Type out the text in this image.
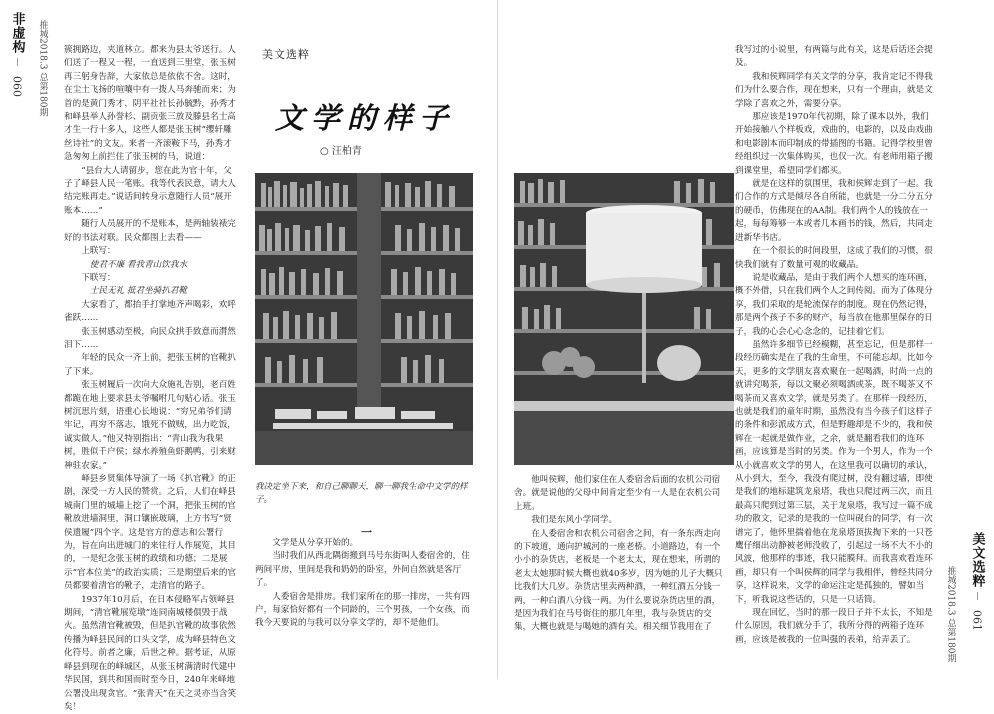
非虚构
060 推城2018.3 总第180期
推城2018.3 总第180期
美文选粹
061

簇拥路边，夹道林立。都来为县太爷送行。人们送了一程又一程，一直送到三里堂，张玉树再三躬身告辞，大家依总是依依不舍。这时，在尘土飞扬的喧嚷中有一拨人马奔驰而来；为首的是黄门秀才、阴平社社长孙毓黔，孙秀才和峄县举人孙誉杉、副贡张三放及滕县名士高才生一行十多人，这些人都是张玉树“缨轩雕丝诗社”的文友。来者一齐滚鞍下马，孙秀才急匆匆上前拦住了张玉树的马，说道：

“县台大人请留步，您在此为官十年，父子了峄县人民一笔账。我等代表民意，请大人结完账再走。”说话间转身示意随行人员“展开账本……”

随行人员展开的不是账本，是两轴装裱完好的书法对联。民众都围上去看——

上联写：

使君不廉 看我青山饮我水

下联写：

士民无礼 抵君坐骑扒君靴

大家看了，都抬手打掌地齐声喝彩，欢呼雀跃……

张玉树感动至极，向民众拱手致意而潸然泪下……

年轻的民众一齐上前，把张玉树的官靴扒了下来。

张玉树履后一次向大众施礼告别，老百姓都跪在地上要求县太爷嘱咐几句贴心话。张玉树沉思片刻，语重心长地说：“穷兄弟爷们请牢记，再穷不落志，饿死不做贼，出力吃饭，诚实做人。”他又特别指出：“青山我为我果树，胜似千户侯；绿水养殖鱼虾鹅鸭，引来财神驻农家。”

峄县乡贤集体导演了一场《扒官靴》的正剧，深受一方人民的赞赏。之后，人们在峄县城南门里的城墙上挖了一个洞，把张玉树的官靴放进墙洞里，洞口镶嵌玻璃，上方书写“贤侯遗履”四个字。这是官方的意志和公署行为，旨在向出进城门的来往行人作展览，其目的，一是纪念张玉树的政绩和功德；二是展示“官本位美”的政治实质；三是期望后来的官员都要着清官的靴子，走清官的路子。

1937年10月后，在日本侵略军占领峄县期间，“清官靴展览墩”连同南城楼俱毁于战火。虽然清官靴被毁，但是扒官靴的故事依然传播为峄县民间的口头文学，成为峄县特色文化符号。前者之廉，后世之种。据考证，从原峄县到现在的峄城区，从张玉树满清时代建中华民国，到共和国而时至今日，240年来峄地公署没出现贪官。“张青天”在天之灵亦当含笑矣！

美文选粹
文学的样子
○ 汪柏青
我决定坐下来，和自己聊聊天，聊一聊我生命中文学的样子。
一

文学是从分享开始的。

当时我们从西北隅街搬到马号东街叫人委宿舍的，住两间平房，里间是我和奶奶的卧室，外间自然就是客厅了。

人委宿舍是排房。我们家所在的那一排房，一共有四户，每家恰好都有一个同龄的，三个男孩，一个女孩，而我今天要说的与我可以分享文学的，却不是他们。

他叫侯辉，他们家住在人委宿舍后面的农机公司宿舍。就是说他的父母中间肯定至少有一人是在农机公司上班。

我们是东风小学同学。

在人委宿舍和农机公司宿舍之间，有一条东西走向的下坡道，通向护城河的一座老桥。小道路边，有一个小小的杂货店，老板是一个老太太，现在想来，所谓的老太太她那时候大概也就40多岁，因为她的儿子大概只比我们大几岁。杂货店里卖两种酒，一种红酒五分钱一两，一种白酒八分钱一两。为什么要说杂货店里的酒，是因为我们在马号街住的那几年里，我与杂货店的交集，大概也就是与喝她的酒有关。相关细节我用在了

我写过的小说里，有两篇与此有关，这是后话还会提及。

我和侯辉同学有关文学的分享，我肯定记不得我们为什么要合作，现在想来，只有一个理由，就是文学除了喜欢之外，需要分享。

那应该是1970年代初期，除了课本以外，我们开始接触八个样板戏，戏曲的，电影的，以及由戏曲和电影剧本而印制成的带插图的书籍。记得学校里曾经组织过一次集体购买，也仅一次。有老师用箱子搬到课堂里，希望同学们都买。

就是在这样的氛围里，我和侯辉走到了一起。我们合作的方式是倾尽各自所能，也就是一分二分五分的硬币，仿佛现在的AA制。我们两个人的钱放在一起，每每筹够一本或者几本画书的钱，然后，共同走进新华书店。

在一个很长的时间段里，这成了我们的习惯，很快我们就有了数量可观的收藏品。

说是收藏品，是由于我们两个人想买的连环画，概不外借，只在我们两个人之间传阅。而为了体现分享，我们采取的是轮流保存的制度。现在仍然记得，那是两个孩子不多的财产，每当放在他那里保存的日子，我的心会心心念念的，记挂着它们。

虽然许多细节已经模糊，甚至忘记，但是那样一段经历确实是在了我的生命里，不可能忘却。比如今天，更多的文学朋友喜欢聚在一起喝酒，时尚一点的就讲究喝茶，每以文聚必须喝酒或茶，既不喝茶又不喝茶而又喜欢文学，就是另类了。在那样一段经历，也就是我们的童年时期，虽然没有当今孩子们这样子的条件和彭派成方式，但是野趣却是不少的，我和侯辉在一起就是做作业，之余，就是翻看我们的连环画，应该算是当时的另类。作为一个男人，作为一个从小就喜欢文学的男人，在这里我可以确切的承认，从小到大，至今，我没有爬过树，没有翻过墙，即使是我们的地标建筑龙泉塔，我也只爬过两三次，而且最高只爬到过第三层，关于龙泉塔，我写过一篇不成功的散文，记录的是我的一位叫砚台的同学，有一次谱完了，他怀里揣着他在龙泉塔顶拔掏下来的一只苍鹰仔细出动静被老师没收了，引起过一场不大不小的风波，他那样的事迹，我只能膜拜。而我喜欢看连环画，却只有一个叫侯辉的同学与我相伴，曾经共同分享，这样说来，文学的命运注定是孤独的，譬如当下，听我说这些话的，只是一只话筒。

现在回忆，当时的那一段日子并不太长，不知是什么原因，我们就分手了，我所分得的两箱子连环画，应该是被我的一位叫强的表弟，给弄丢了。
